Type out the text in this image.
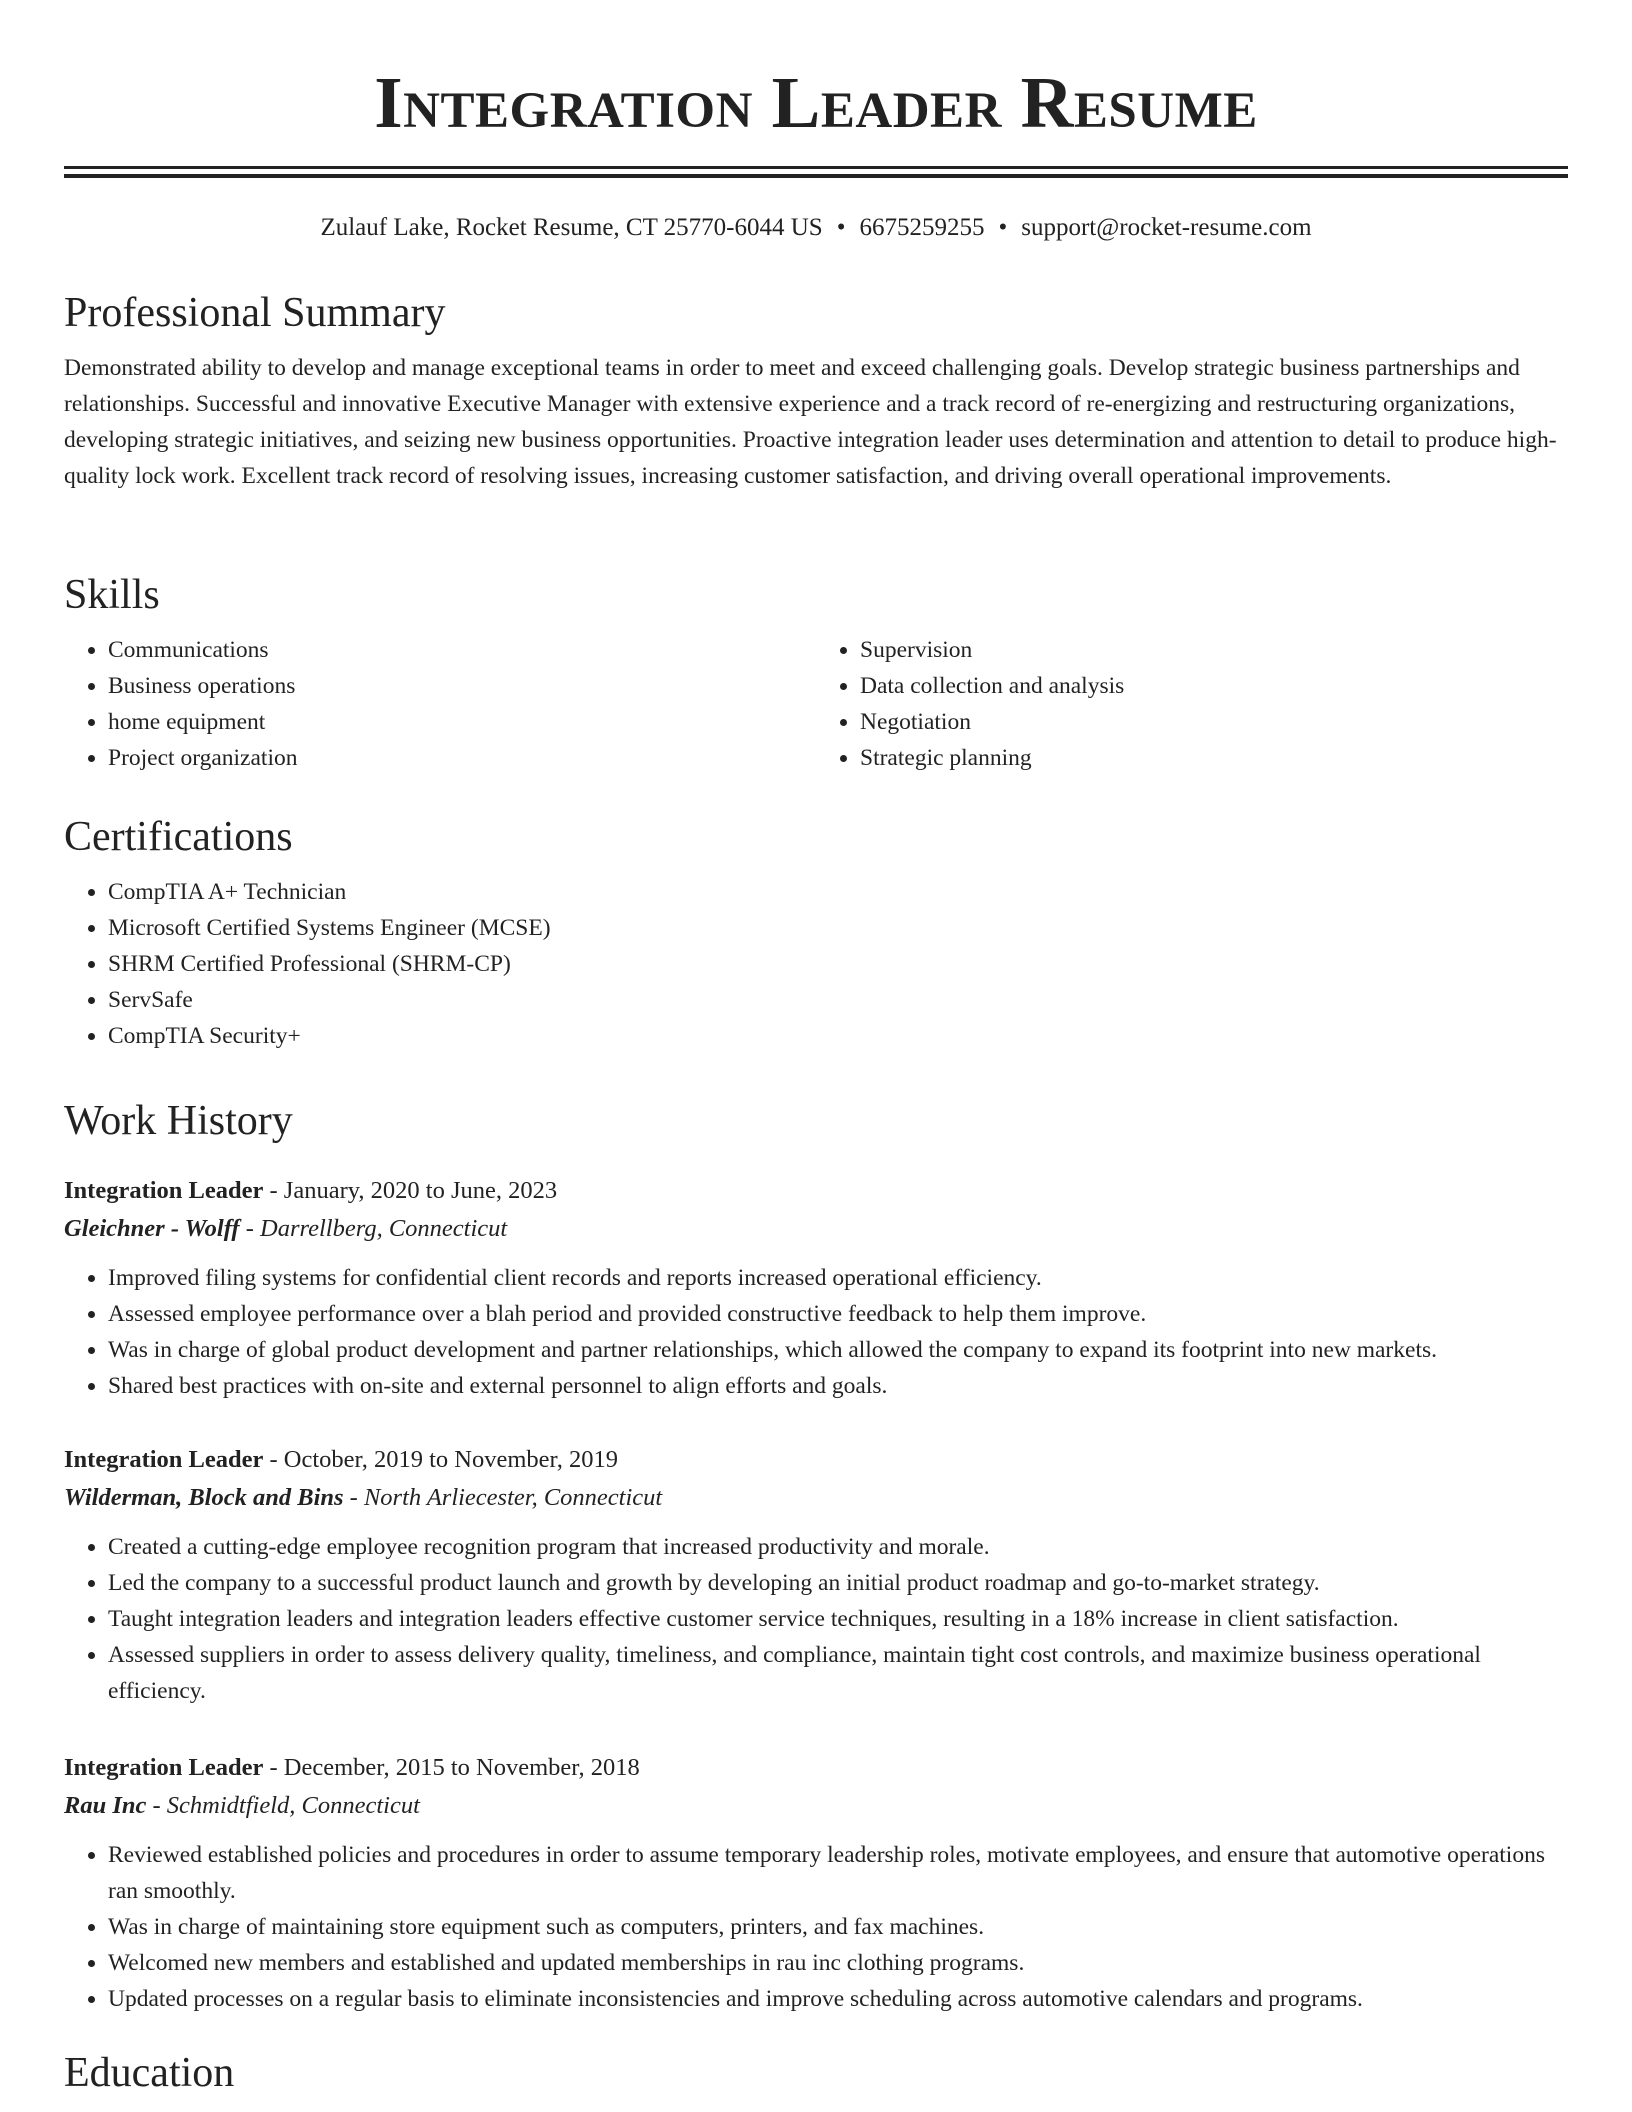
Integration Leader Resume
Zulauf Lake, Rocket Resume, CT 25770-6044 US • 6675259255 • support@rocket-resume.com
Professional Summary

Demonstrated ability to develop and manage exceptional teams in order to meet and exceed challenging goals. Develop strategic business partnerships and relationships. Successful and innovative Executive Manager with extensive experience and a track record of re-energizing and restructuring organizations, developing strategic initiatives, and seizing new business opportunities. Proactive integration leader uses determination and attention to detail to produce high-quality lock work. Excellent track record of resolving issues, increasing customer satisfaction, and driving overall operational improvements.

Skills
• Communications
• Business operations
• home equipment
• Project organization
• Supervision
• Data collection and analysis
• Negotiation
• Strategic planning
Certifications
• CompTIA A+ Technician
• Microsoft Certified Systems Engineer (MCSE)
• SHRM Certified Professional (SHRM-CP)
• ServSafe
• CompTIA Security+
Work History
Integration Leader - January, 2020 to June, 2023
Gleichner - Wolff - Darrellberg, Connecticut
• Improved filing systems for confidential client records and reports increased operational efficiency.
• Assessed employee performance over a blah period and provided constructive feedback to help them improve.
• Was in charge of global product development and partner relationships, which allowed the company to expand its footprint into new markets.
• Shared best practices with on-site and external personnel to align efforts and goals.
Integration Leader - October, 2019 to November, 2019
Wilderman, Block and Bins - North Arliecester, Connecticut
• Created a cutting-edge employee recognition program that increased productivity and morale.
• Led the company to a successful product launch and growth by developing an initial product roadmap and go-to-market strategy.
• Taught integration leaders and integration leaders effective customer service techniques, resulting in a 18% increase in client satisfaction.
• Assessed suppliers in order to assess delivery quality, timeliness, and compliance, maintain tight cost controls, and maximize business operational efficiency.
Integration Leader - December, 2015 to November, 2018
Rau Inc - Schmidtfield, Connecticut
• Reviewed established policies and procedures in order to assume temporary leadership roles, motivate employees, and ensure that automotive operations ran smoothly.
• Was in charge of maintaining store equipment such as computers, printers, and fax machines.
• Welcomed new members and established and updated memberships in rau inc clothing programs.
• Updated processes on a regular basis to eliminate inconsistencies and improve scheduling across automotive calendars and programs.
Education
